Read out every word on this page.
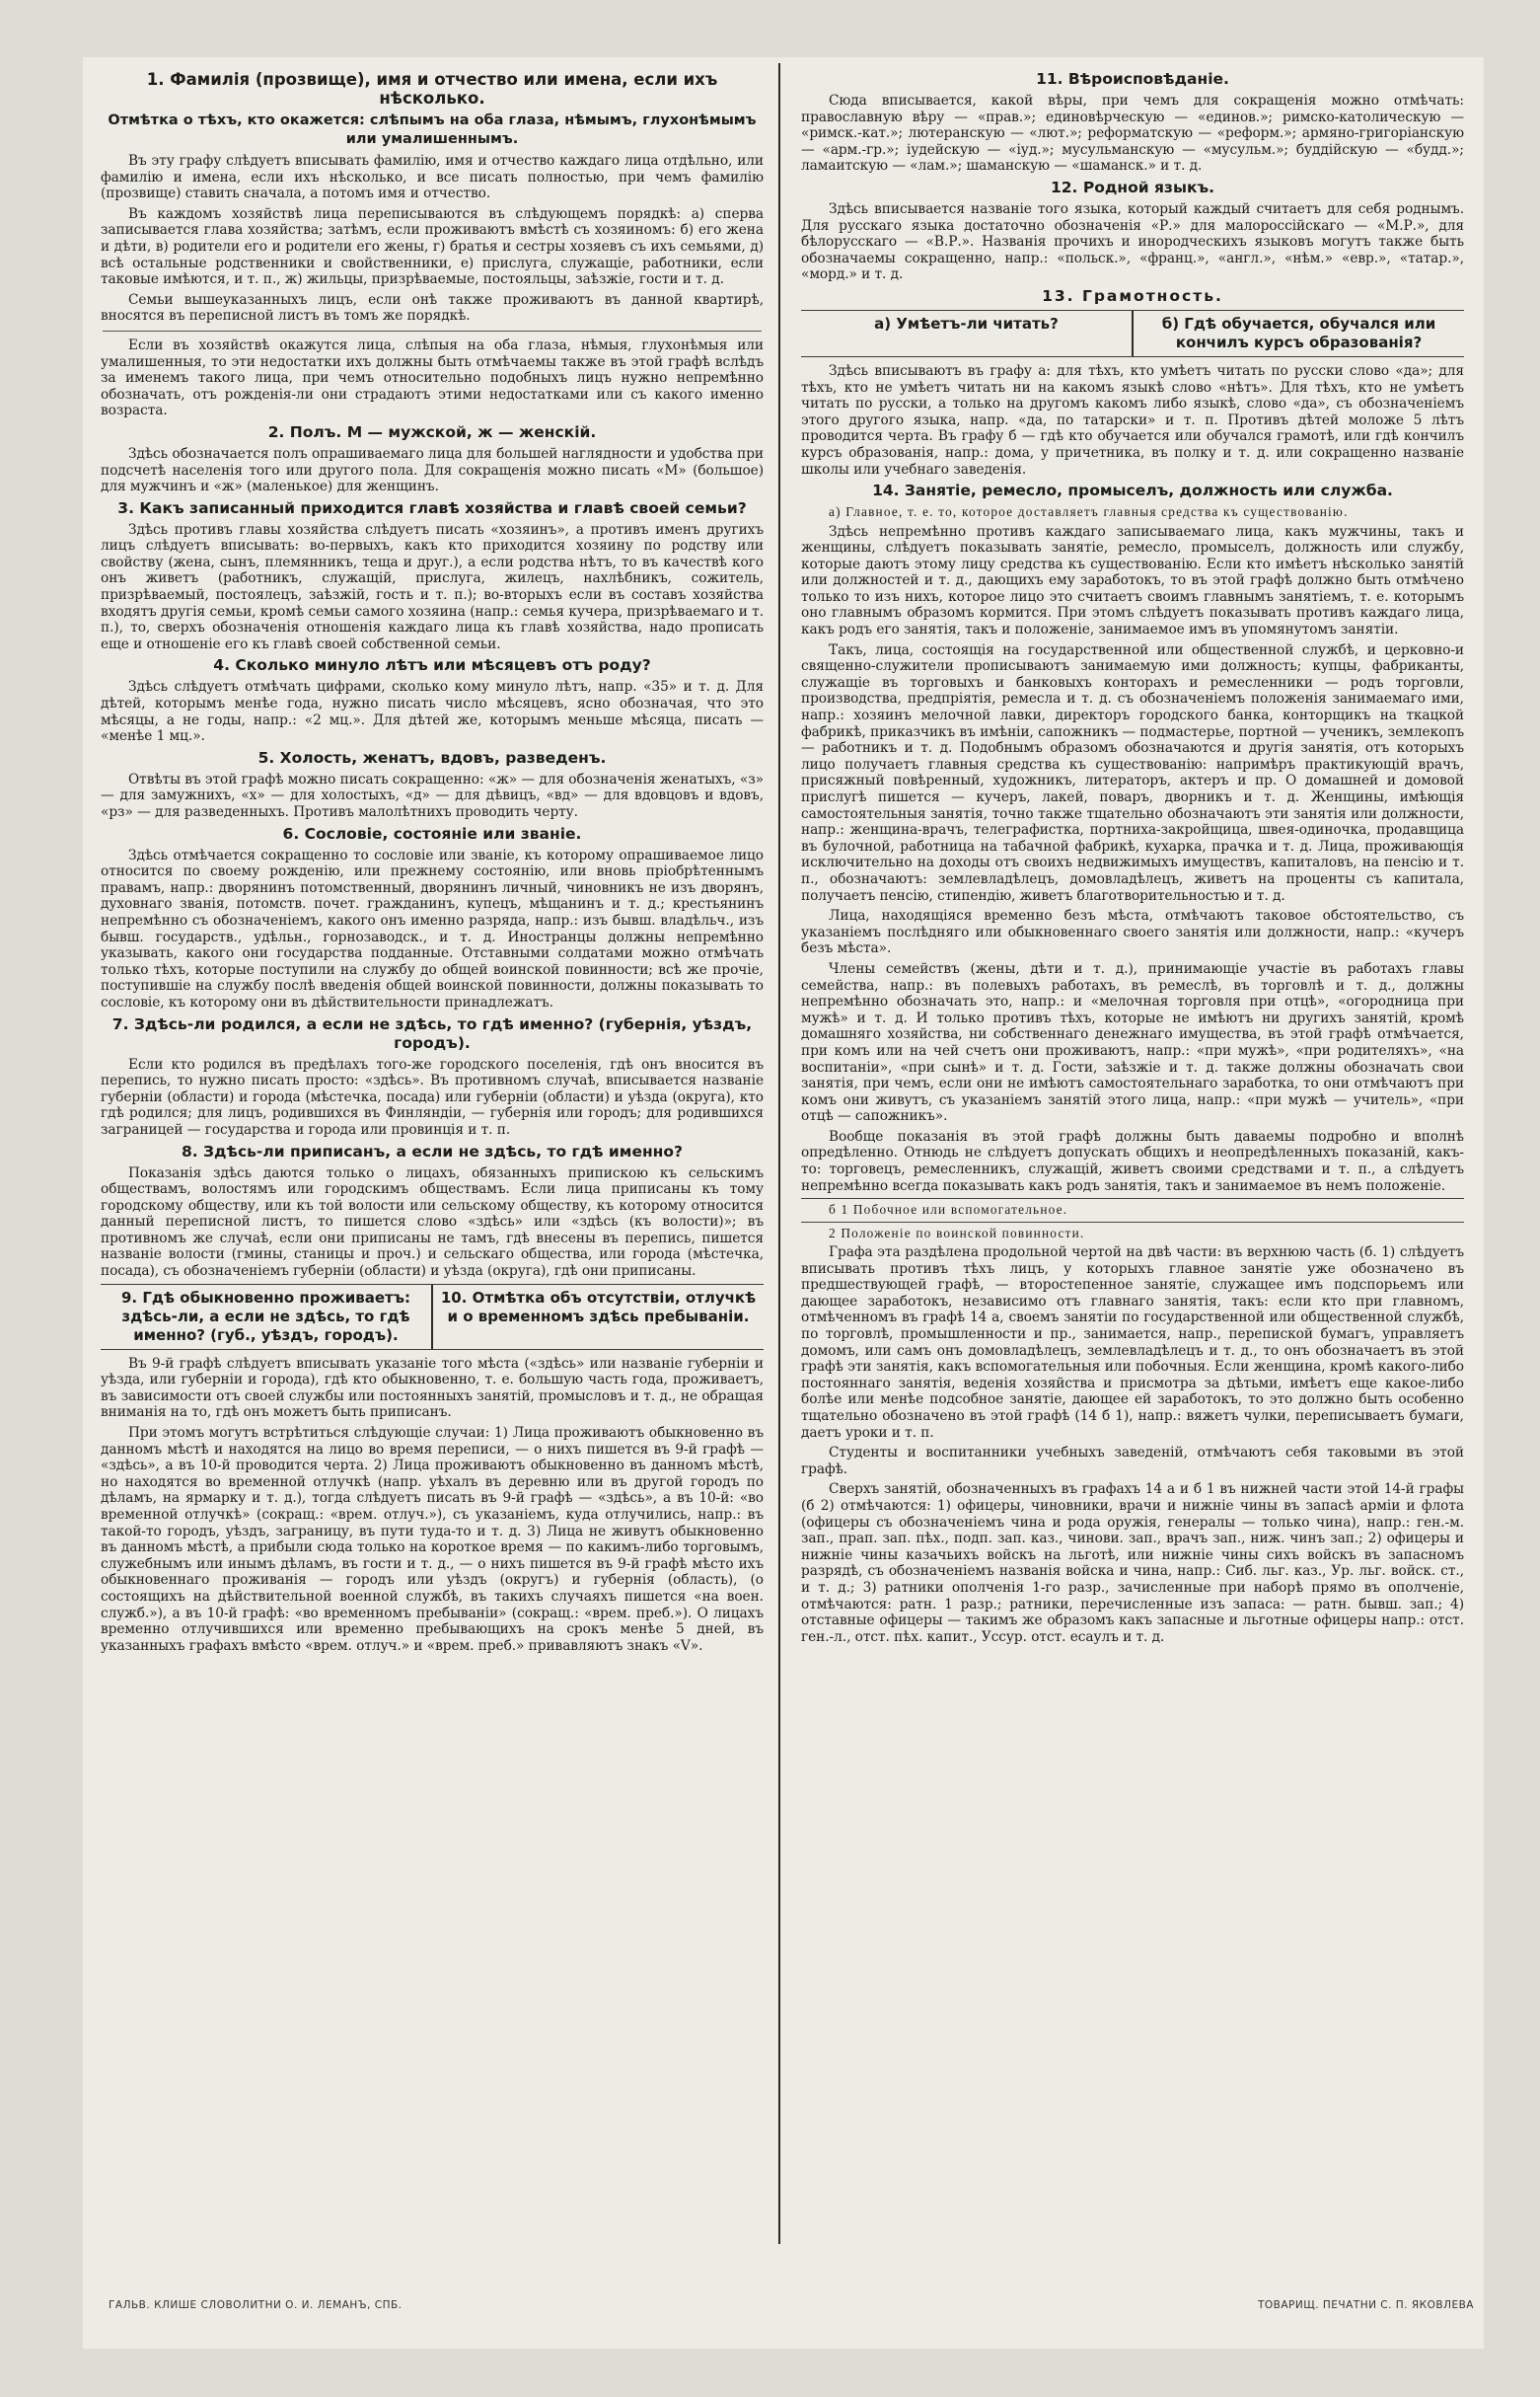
1. Фамилія (прозвище), имя и отчество или имена, если ихъ нѣсколько.
Отмѣтка о тѣхъ, кто окажется: слѣпымъ на оба глаза, нѣмымъ, глухонѣмымъ или умалишеннымъ.

Въ эту графу слѣдуетъ вписывать фамилію, имя и отчество каждаго лица отдѣльно, или фамилію и имена, если ихъ нѣсколько, и все писать полностью, при чемъ фамилію (прозвище) ставить сначала, а потомъ имя и отчество.

Въ каждомъ хозяйствѣ лица переписываются въ слѣдующемъ порядкѣ: а) сперва записывается глава хозяйства; затѣмъ, если проживаютъ вмѣстѣ съ хозяиномъ: б) его жена и дѣти, в) родители его и родители его жены, г) братья и сестры хозяевъ съ ихъ семьями, д) всѣ остальные родственники и свойственники, е) прислуга, служащіе, работники, если таковые имѣются, и т. п., ж) жильцы, призрѣваемые, постояльцы, заѣзжіе, гости и т. д.

Семьи вышеуказанныхъ лицъ, если онѣ также проживаютъ въ данной квартирѣ, вносятся въ переписной листъ въ томъ же порядкѣ.

Если въ хозяйствѣ окажутся лица, слѣпыя на оба глаза, нѣмыя, глухонѣмыя или умалишенныя, то эти недостатки ихъ должны быть отмѣчаемы также въ этой графѣ вслѣдъ за именемъ такого лица, при чемъ относительно подобныхъ лицъ нужно непремѣнно обозначать, отъ рожденія-ли они страдаютъ этими недостатками или съ какого именно возраста.

2. Полъ. М — мужской, ж — женскій.

Здѣсь обозначается полъ опрашиваемаго лица для большей наглядности и удобства при подсчетѣ населенія того или другого пола. Для сокращенія можно писать «М» (большое) для мужчинъ и «ж» (маленькое) для женщинъ.

3. Какъ записанный приходится главѣ хозяйства и главѣ своей семьи?

Здѣсь противъ главы хозяйства слѣдуетъ писать «хозяинъ», а противъ именъ другихъ лицъ слѣдуетъ вписывать: во-первыхъ, какъ кто приходится хозяину по родству или свойству (жена, сынъ, племянникъ, теща и друг.), а если родства нѣтъ, то въ качествѣ кого онъ живетъ (работникъ, служащій, прислуга, жилецъ, нахлѣбникъ, сожитель, призрѣваемый, постоялецъ, заѣзжій, гость и т. п.); во-вторыхъ если въ составъ хозяйства входятъ другія семьи, кромѣ семьи самого хозяина (напр.: семья кучера, призрѣваемаго и т. п.), то, сверхъ обозначенія отношенія каждаго лица къ главѣ хозяйства, надо прописать еще и отношеніе его къ главѣ своей собственной семьи.

4. Сколько минуло лѣтъ или мѣсяцевъ отъ роду?

Здѣсь слѣдуетъ отмѣчать цифрами, сколько кому минуло лѣтъ, напр. «35» и т. д. Для дѣтей, которымъ менѣе года, нужно писать число мѣсяцевъ, ясно обозначая, что это мѣсяцы, а не годы, напр.: «2 мц.». Для дѣтей же, которымъ меньше мѣсяца, писать — «менѣе 1 мц.».

5. Холость, женатъ, вдовъ, разведенъ.

Отвѣты въ этой графѣ можно писать сокращенно: «ж» — для обозначенія женатыхъ, «з» — для замужнихъ, «х» — для холостыхъ, «д» — для дѣвицъ, «вд» — для вдовцовъ и вдовъ, «рз» — для разведенныхъ. Противъ малолѣтнихъ проводить черту.

6. Сословіе, состояніе или званіе.

Здѣсь отмѣчается сокращенно то сословіе или званіе, къ которому опрашиваемое лицо относится по своему рожденію, или прежнему состоянію, или вновь пріобрѣтеннымъ правамъ, напр.: дворянинъ потомственный, дворянинъ личный, чиновникъ не изъ дворянъ, духовнаго званія, потомств. почет. гражданинъ, купецъ, мѣщанинъ и т. д.; крестьянинъ непремѣнно съ обозначеніемъ, какого онъ именно разряда, напр.: изъ бывш. владѣльч., изъ бывш. государств., удѣльн., горнозаводск., и т. д. Иностранцы должны непремѣнно указывать, какого они государства подданные. Отставными солдатами можно отмѣчать только тѣхъ, которые поступили на службу до общей воинской повинности; всѣ же прочіе, поступившіе на службу послѣ введенія общей воинской повинности, должны показывать то сословіе, къ которому они въ дѣйствительности принадлежатъ.

7. Здѣсь-ли родился, а если не здѣсь, то гдѣ именно? (губернія, уѣздъ, городъ).

Если кто родился въ предѣлахъ того-же городского поселенія, гдѣ онъ вносится въ перепись, то нужно писать просто: «здѣсь». Въ противномъ случаѣ, вписывается названіе губерніи (области) и города (мѣстечка, посада) или губерніи (области) и уѣзда (округа), кто гдѣ родился; для лицъ, родившихся въ Финляндіи, — губернія или городъ; для родившихся заграницей — государства и города или провинція и т. п.

8. Здѣсь-ли приписанъ, а если не здѣсь, то гдѣ именно?

Показанія здѣсь даются только о лицахъ, обязанныхъ припискою къ сельскимъ обществамъ, волостямъ или городскимъ обществамъ. Если лица приписаны къ тому городскому обществу, или къ той волости или сельскому обществу, къ которому относится данный переписной листъ, то пишется слово «здѣсь» или «здѣсь (къ волости)»; въ противномъ же случаѣ, если они приписаны не тамъ, гдѣ внесены въ перепись, пишется названіе волости (гмины, станицы и проч.) и сельскаго общества, или города (мѣстечка, посада), съ обозначеніемъ губерніи (области) и уѣзда (округа), гдѣ они приписаны.

9. Гдѣ обыкновенно проживаетъ: здѣсь-ли, а если не здѣсь, то гдѣ именно? (губ., уѣздъ, городъ).
10. Отмѣтка объ отсутствіи, отлучкѣ и о временномъ здѣсь пребываніи.

Въ 9-й графѣ слѣдуетъ вписывать указаніе того мѣста («здѣсь» или названіе губерніи и уѣзда, или губерніи и города), гдѣ кто обыкновенно, т. е. большую часть года, проживаетъ, въ зависимости отъ своей службы или постоянныхъ занятій, промысловъ и т. д., не обращая вниманія на то, гдѣ онъ можетъ быть приписанъ.

При этомъ могутъ встрѣтиться слѣдующіе случаи: 1) Лица проживаютъ обыкновенно въ данномъ мѣстѣ и находятся на лицо во время переписи, — о нихъ пишется въ 9-й графѣ — «здѣсь», а въ 10-й проводится черта. 2) Лица проживаютъ обыкновенно въ данномъ мѣстѣ, но находятся во временной отлучкѣ (напр. уѣхалъ въ деревню или въ другой городъ по дѣламъ, на ярмарку и т. д.), тогда слѣдуетъ писать въ 9-й графѣ — «здѣсь», а въ 10-й: «во временной отлучкѣ» (сокращ.: «врем. отлуч.»), съ указаніемъ, куда отлучились, напр.: въ такой-то городъ, уѣздъ, заграницу, въ пути туда-то и т. д. 3) Лица не живутъ обыкновенно въ данномъ мѣстѣ, а прибыли сюда только на короткое время — по какимъ-либо торговымъ, служебнымъ или инымъ дѣламъ, въ гости и т. д., — о нихъ пишется въ 9-й графѣ мѣсто ихъ обыкновеннаго проживанія — городъ или уѣздъ (округъ) и губернія (область), (о состоящихъ на дѣйствительной военной службѣ, въ такихъ случаяхъ пишется «на воен. служб.»), а въ 10-й графѣ: «во временномъ пребываніи» (сокращ.: «врем. преб.»). О лицахъ временно отлучившихся или временно пребывающихъ на срокъ менѣе 5 дней, въ указанныхъ графахъ вмѣсто «врем. отлуч.» и «врем. преб.» привавляютъ знакъ «V».

11. Вѣроисповѣданіе.

Сюда вписывается, какой вѣры, при чемъ для сокращенія можно отмѣчать: православную вѣру — «прав.»; единовѣрческую — «единов.»; римско-католическую — «римск.-кат.»; лютеранскую — «лют.»; реформатскую — «реформ.»; армяно-григоріанскую — «арм.-гр.»; іудейскую — «іуд.»; мусульманскую — «мусульм.»; буддійскую — «будд.»; ламаитскую — «лам.»; шаманскую — «шаманск.» и т. д.

12. Родной языкъ.

Здѣсь вписывается названіе того языка, который каждый считаетъ для себя роднымъ. Для русскаго языка достаточно обозначенія «Р.» для малороссійскаго — «М.Р.», для бѣлорусскаго — «В.Р.». Названія прочихъ и инородческихъ языковъ могутъ также быть обозначаемы сокращенно, напр.: «польск.», «франц.», «англ.», «нѣм.» «евр.», «татар.», «морд.» и т. д.

13. Грамотность.
а) Умѣетъ-ли читать?	б) Гдѣ обучается, обучался или кончилъ курсъ образованія?

Здѣсь вписываютъ въ графу а: для тѣхъ, кто умѣетъ читать по русски слово «да»; для тѣхъ, кто не умѣетъ читать ни на какомъ языкѣ слово «нѣтъ». Для тѣхъ, кто не умѣетъ читать по русски, а только на другомъ какомъ либо языкѣ, слово «да», съ обозначеніемъ этого другого языка, напр. «да, по татарски» и т. п. Противъ дѣтей моложе 5 лѣтъ проводится черта. Въ графу б — гдѣ кто обучается или обучался грамотѣ, или гдѣ кончилъ курсъ образованія, напр.: дома, у причетника, въ полку и т. д. или сокращенно названіе школы или учебнаго заведенія.

14. Занятіе, ремесло, промыселъ, должность или служба.
а) Главное, т. е. то, которое доставляетъ главныя средства къ существованію.

Здѣсь непремѣнно противъ каждаго записываемаго лица, какъ мужчины, такъ и женщины, слѣдуетъ показывать занятіе, ремесло, промыселъ, должность или службу, которые даютъ этому лицу средства къ существованію. Если кто имѣетъ нѣсколько занятій или должностей и т. д., дающихъ ему заработокъ, то въ этой графѣ должно быть отмѣчено только то изъ нихъ, которое лицо это считаетъ своимъ главнымъ занятіемъ, т. е. которымъ оно главнымъ образомъ кормится. При этомъ слѣдуетъ показывать противъ каждаго лица, какъ родъ его занятія, такъ и положеніе, занимаемое имъ въ упомянутомъ занятіи.

Такъ, лица, состоящія на государственной или общественной службѣ, и церковно-и священно-служители прописываютъ занимаемую ими должность; купцы, фабриканты, служащіе въ торговыхъ и банковыхъ конторахъ и ремесленники — родъ торговли, производства, предпріятія, ремесла и т. д. съ обозначеніемъ положенія занимаемаго ими, напр.: хозяинъ мелочной лавки, директоръ городского банка, конторщикъ на ткацкой фабрикѣ, приказчикъ въ имѣніи, сапожникъ — подмастерье, портной — ученикъ, землекопъ — работникъ и т. д. Подобнымъ образомъ обозначаются и другія занятія, отъ которыхъ лицо получаетъ главныя средства къ существованію: напримѣръ практикующій врачъ, присяжный повѣренный, художникъ, литераторъ, актеръ и пр. О домашней и домовой прислугѣ пишется — кучеръ, лакей, поваръ, дворникъ и т. д. Женщины, имѣющія самостоятельныя занятія, точно также тщательно обозначаютъ эти занятія или должности, напр.: женщина-врачъ, телеграфистка, портниха-закройщица, швея-одиночка, продавщица въ булочной, работница на табачной фабрикѣ, кухарка, прачка и т. д. Лица, проживающія исключительно на доходы отъ своихъ недвижимыхъ имуществъ, капиталовъ, на пенсію и т. п., обозначаютъ: землевладѣлецъ, домовладѣлецъ, живетъ на проценты съ капитала, получаетъ пенсію, стипендію, живетъ благотворительностью и т. д.

Лица, находящіяся временно безъ мѣста, отмѣчаютъ таковое обстоятельство, съ указаніемъ послѣдняго или обыкновеннаго своего занятія или должности, напр.: «кучеръ безъ мѣста».

Члены семействъ (жены, дѣти и т. д.), принимающіе участіе въ работахъ главы семейства, напр.: въ полевыхъ работахъ, въ ремеслѣ, въ торговлѣ и т. д., должны непремѣнно обозначать это, напр.: и «мелочная торговля при отцѣ», «огородница при мужѣ» и т. д. И только противъ тѣхъ, которые не имѣютъ ни другихъ занятій, кромѣ домашняго хозяйства, ни собственнаго денежнаго имущества, въ этой графѣ отмѣчается, при комъ или на чей счетъ они проживаютъ, напр.: «при мужѣ», «при родителяхъ», «на воспитаніи», «при сынѣ» и т. д. Гости, заѣзжіе и т. д. также должны обозначать свои занятія, при чемъ, если они не имѣютъ самостоятельнаго заработка, то они отмѣчаютъ при комъ они живутъ, съ указаніемъ занятій этого лица, напр.: «при мужѣ — учитель», «при отцѣ — сапожникъ».

Вообще показанія въ этой графѣ должны быть даваемы подробно и вполнѣ опредѣленно. Отнюдь не слѣдуетъ допускать общихъ и неопредѣленныхъ показаній, какъ-то: торговецъ, ремесленникъ, служащій, живетъ своими средствами и т. п., а слѣдуетъ непремѣнно всегда показывать какъ родъ занятія, такъ и занимаемое въ немъ положеніе.

б 1 Побочное или вспомогательное.
2 Положеніе по воинской повинности.

Графа эта раздѣлена продольной чертой на двѣ части: въ верхнюю часть (б. 1) слѣдуетъ вписывать противъ тѣхъ лицъ, у которыхъ главное занятіе уже обозначено въ предшествующей графѣ, — второстепенное занятіе, служащее имъ подспорьемъ или дающее заработокъ, независимо отъ главнаго занятія, такъ: если кто при главномъ, отмѣченномъ въ графѣ 14 а, своемъ занятіи по государственной или общественной службѣ, по торговлѣ, промышленности и пр., занимается, напр., перепиской бумагъ, управляетъ домомъ, или самъ онъ домовладѣлецъ, землевладѣлецъ и т. д., то онъ обозначаетъ въ этой графѣ эти занятія, какъ вспомогательныя или побочныя. Если женщина, кромѣ какого-либо постояннаго занятія, веденія хозяйства и присмотра за дѣтьми, имѣетъ еще какое-либо болѣе или менѣе подсобное занятіе, дающее ей заработокъ, то это должно быть особенно тщательно обозначено въ этой графѣ (14 б 1), напр.: вяжетъ чулки, переписываетъ бумаги, даетъ уроки и т. п.

Студенты и воспитанники учебныхъ заведеній, отмѣчаютъ себя таковыми въ этой графѣ.

Сверхъ занятій, обозначенныхъ въ графахъ 14 а и б 1 въ нижней части этой 14-й графы (б 2) отмѣчаются: 1) офицеры, чиновники, врачи и нижніе чины въ запасѣ арміи и флота (офицеры съ обозначеніемъ чина и рода оружія, генералы — только чина), напр.: ген.-м. зап., прап. зап. пѣх., подп. зап. каз., чинови. зап., врачъ зап., ниж. чинъ зап.; 2) офицеры и нижніе чины казачьихъ войскъ на льготѣ, или нижніе чины сихъ войскъ въ запасномъ разрядѣ, съ обозначеніемъ названія войска и чина, напр.: Сиб. льг. каз., Ур. льг. войск. ст., и т. д.; 3) ратники ополченія 1-го разр., зачисленные при наборѣ прямо въ ополченіе, отмѣчаются: ратн. 1 разр.; ратники, перечисленные изъ запаса: — ратн. бывш. зап.; 4) отставные офицеры — такимъ же образомъ какъ запасные и льготные офицеры напр.: отст. ген.-л., отст. пѣх. капит., Уссур. отст. есаулъ и т. д.

ГАЛЬВ. КЛИШЕ СЛОВОЛИТНИ О. И. ЛЕМАНЪ, СПБ.	ТОВАРИЩ. ПЕЧАТНИ С. П. ЯКОВЛЕВА
